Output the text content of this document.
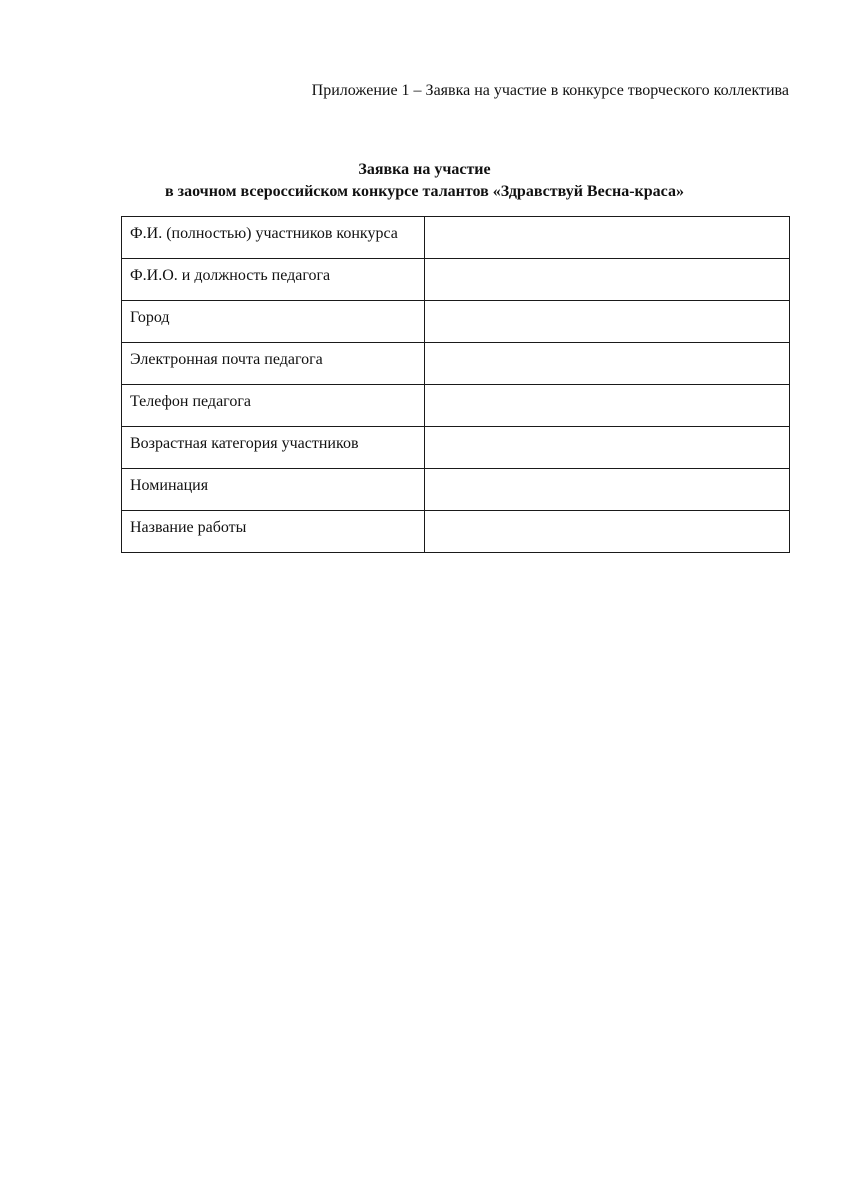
Приложение 1 – Заявка на участие в конкурсе творческого коллектива
Заявка на участие
в заочном всероссийском конкурсе талантов «Здравствуй Весна-краса»
Ф.И. (полностью) участников конкурса	
Ф.И.О. и должность педагога	
Город	
Электронная почта педагога	
Телефон педагога	
Возрастная категория участников	
Номинация	
Название работы	
